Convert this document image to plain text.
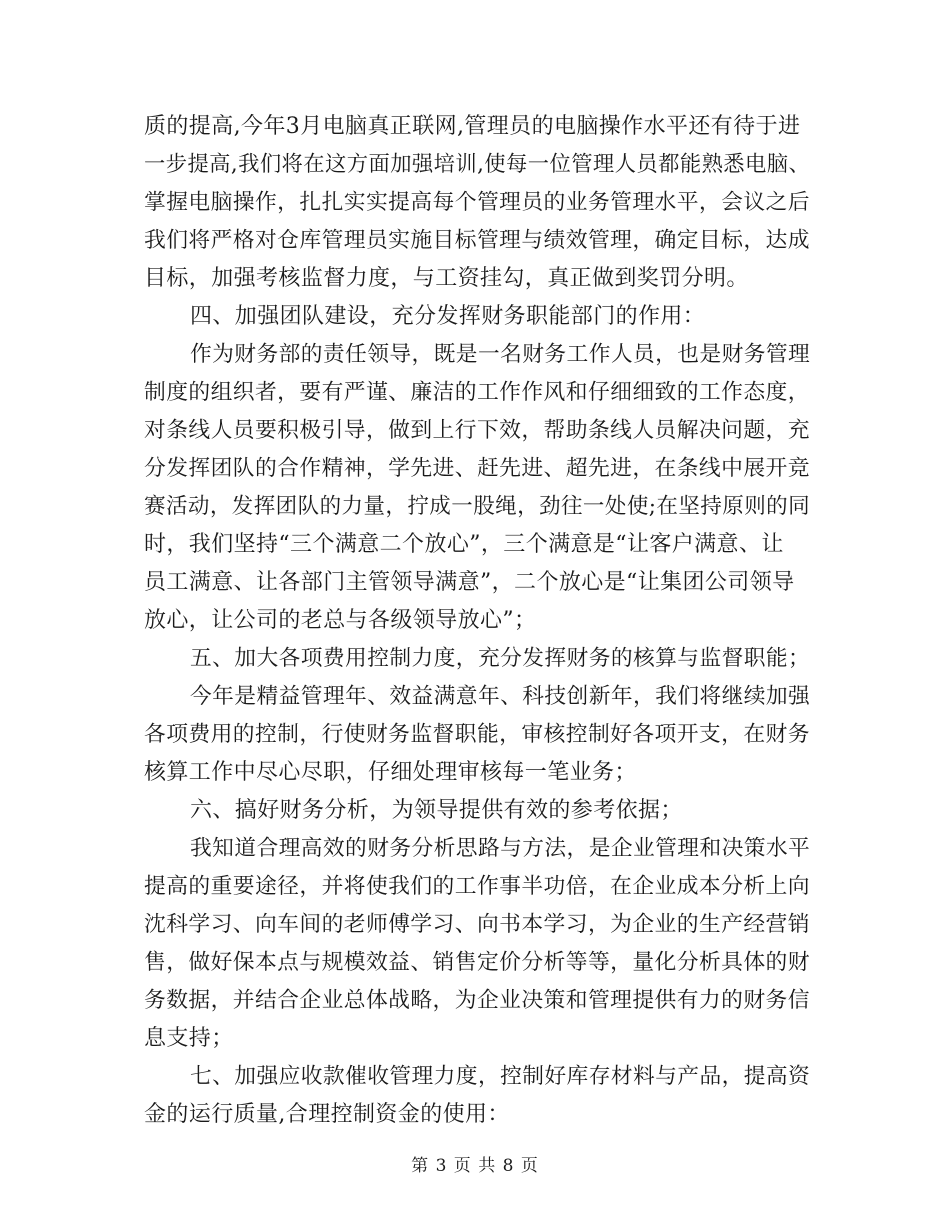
质的提高,今年3月电脑真正联网,管理员的电脑操作水平还有待于进
一步提高,我们将在这方面加强培训,使每一位管理人员都能熟悉电脑、
掌握电脑操作，扎扎实实提高每个管理员的业务管理水平，会议之后
我们将严格对仓库管理员实施目标管理与绩效管理，确定目标，达成
目标，加强考核监督力度，与工资挂勾，真正做到奖罚分明。
四、加强团队建设，充分发挥财务职能部门的作用：
作为财务部的责任领导，既是一名财务工作人员，也是财务管理
制度的组织者，要有严谨、廉洁的工作作风和仔细细致的工作态度，
对条线人员要积极引导，做到上行下效，帮助条线人员解决问题，充
分发挥团队的合作精神，学先进、赶先进、超先进，在条线中展开竞
赛活动，发挥团队的力量，拧成一股绳，劲往一处使;在坚持原则的同
时，我们坚持“三个满意二个放心”，三个满意是“让客户满意、让
员工满意、让各部门主管领导满意”，二个放心是“让集团公司领导
放心，让公司的老总与各级领导放心”；
五、加大各项费用控制力度，充分发挥财务的核算与监督职能；
今年是精益管理年、效益满意年、科技创新年，我们将继续加强
各项费用的控制，行使财务监督职能，审核控制好各项开支，在财务
核算工作中尽心尽职，仔细处理审核每一笔业务；
六、搞好财务分析，为领导提供有效的参考依据；
我知道合理高效的财务分析思路与方法，是企业管理和决策水平
提高的重要途径，并将使我们的工作事半功倍，在企业成本分析上向
沈科学习、向车间的老师傅学习、向书本学习，为企业的生产经营销
售，做好保本点与规模效益、销售定价分析等等，量化分析具体的财
务数据，并结合企业总体战略，为企业决策和管理提供有力的财务信
息支持；
七、加强应收款催收管理力度，控制好库存材料与产品，提高资
金的运行质量,合理控制资金的使用：
第 3 页 共 8 页
